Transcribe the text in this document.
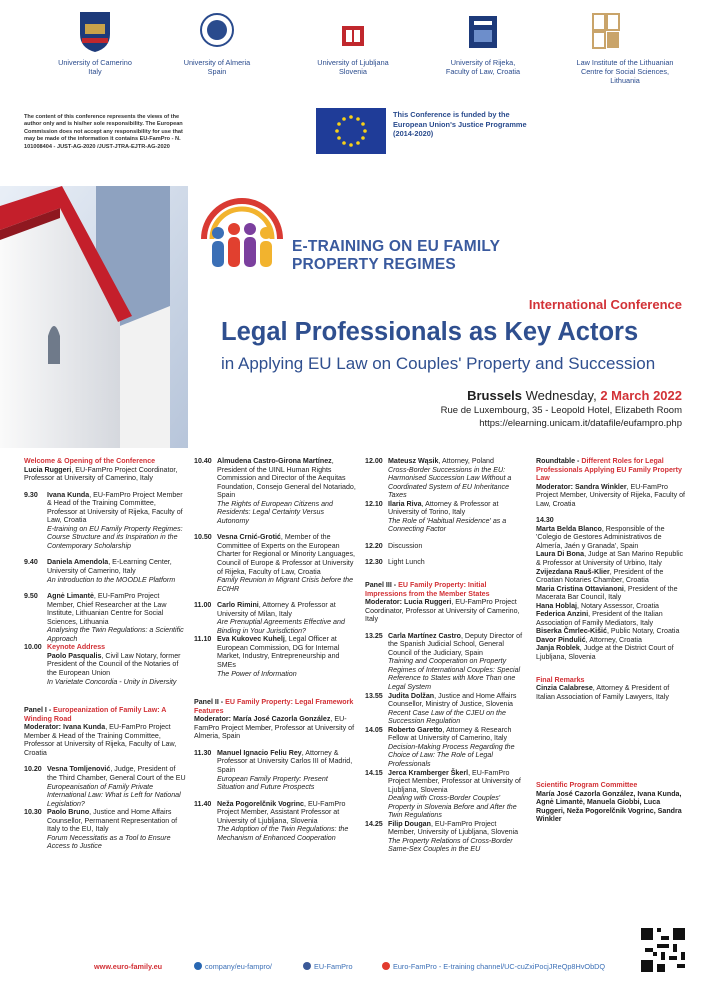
University of Camerino
Italy
University of Almeria
Spain
University of Ljubljana
Slovenia
University of Rijeka,
Faculty of Law, Croatia
Law Institute of the Lithuanian
Centre for Social Sciences,
Lithuania
The content of this conference represents the views of the author only and is his/her sole responsibility. The European Commission does not accept any responsibility for use that may be made of the information it contains EU-FamPro - N. 101008404 - JUST-AG-2020 /JUST-JTRA-EJTR-AG-2020
This Conference is funded by the European Union's Justice Programme (2014-2020)
E-TRAINING ON EU FAMILY
PROPERTY REGIMES
International Conference
Legal Professionals as Key Actors
in Applying EU Law on Couples' Property and Succession
Brussels Wednesday, 2 March 2022
Rue de Luxembourg, 35 - Leopold Hotel, Elizabeth Room
https://elearning.unicam.it/datafile/eufampro.php
Welcome & Opening of the Conference
Lucia Ruggeri, EU-FamPro Project Coordinator, Professor at University of Camerino, Italy
9.30	Ivana Kunda, EU-FamPro Project Member & Head of the Training Committee, Professor at University of Rijeka, Faculty of Law, Croatia
E-training on EU Family Property Regimes: Course Structure and its Inspiration in the Contemporary Scholarship
9.40	Daniela Amendola, E-Learning Center, University of Camerino, Italy
An introduction to the MOODLE Platform
9.50	Agnė Limantė, EU-FamPro Project Member, Chief Researcher at the Law Institute, Lithuanian Centre for Social Sciences, Lithuania
Analysing the Twin Regulations: a Scientific Approach
10.00 Keynote Address
Paolo Pasqualis, Civil Law Notary, former President of the Council of the Notaries of the European Union
In Varietate Concordia - Unity in Diversity
Panel I - Europeanization of Family Law: A Winding Road
Moderator: Ivana Kunda, EU-FamPro Project Member & Head of the Training Committee, Professor at University of Rijeka, Faculty of Law, Croatia
10.20 Vesna Tomljenović, Judge, President of the Third Chamber, General Court of the EU
Europeanisation of Family Private International Law: What is Left for National Legislation?
10.30 Paolo Bruno, Justice and Home Affairs Counsellor, Permanent Representation of Italy to the EU, Italy
Forum Necessitatis as a Tool to Ensure Access to Justice
10.40 Almudena Castro-Girona Martínez, President of the UINL Human Rights Commission and Director of the Aequitas Foundation, Consejo General del Notariado, Spain
The Rights of European Citizens and Residents: Legal Certainty Versus Autonomy
10.50 Vesna Crnić-Grotić, Member of the Committee of Experts on the European Charter for Regional or Minority Languages, Council of Europe & Professor at University of Rijeka, Faculty of Law, Croatia
Family Reunion in Migrant Crisis before the ECtHR
11.00 Carlo Rimini, Attorney & Professor at University of Milan, Italy
Are Prenuptial Agreements Effective and Binding in Your Jurisdiction?
11.10 Eva Kukovec Kuhelj, Legal Officer at European Commission, DG for Internal Market, Industry, Entrepreneurship and SMEs
The Power of Information
Panel II - EU Family Property: Legal Framework Features
Moderator: María José Cazorla González, EU-FamPro Project Member, Professor at University of Almeria, Spain
11.30 Manuel Ignacio Feliu Rey, Attorney & Professor at University Carlos III of Madrid, Spain
European Family Property: Present Situation and Future Prospects
11.40 Neža Pogorelčnik Vogrinc, EU-FamPro Project Member, Assistant Professor at University of Ljubljana, Slovenia
The Adoption of the Twin Regulations: the Mechanism of Enhanced Cooperation
12.00 Mateusz Wąsik, Attorney, Poland
Cross-Border Successions in the EU: Harmonised Succession Law Without a Coordinated System of EU Inheritance Taxes
12.10 Ilaria Riva, Attorney & Professor at University of Torino, Italy
The Role of 'Habitual Residence' as a Connecting Factor
12.20 Discussion
12.30 Light Lunch
Panel III - EU Family Property: Initial Impressions from the Member States
Moderator: Lucia Ruggeri, EU-FamPro Project Coordinator, Professor at University of Camerino, Italy
13.25 Carla Martínez Castro, Deputy Director of the Spanish Judicial School, General Council of the Judiciary, Spain
Training and Cooperation on Property Regimes of International Couples: Special Reference to States with More Than one Legal System
13.55 Judita Dolžan, Justice and Home Affairs Counsellor, Ministry of Justice, Slovenia
Recent Case Law of the CJEU on the Succession Regulation
14.05 Roberto Garetto, Attorney & Research Fellow at University of Camerino, Italy
Decision-Making Process Regarding the Choice of Law: The Role of Legal Professionals
14.15 Jerca Kramberger Škerl, EU-FamPro Project Member, Professor at University of Ljubljana, Slovenia
Dealing with Cross-Border Couples' Property in Slovenia Before and After the Twin Regulations
14.25 Filip Dougan, EU-FamPro Project Member, University of Ljubljana, Slovenia
The Property Relations of Cross-Border Same-Sex Couples in the EU
Roundtable - Different Roles for Legal Professionals Applying EU Family Property Law
Moderator: Sandra Winkler, EU-FamPro Project Member, University of Rijeka, Faculty of Law, Croatia
14.30
Marta Belda Blanco, Responsible of the 'Colegio de Gestores Administrativos de Almería, Jaén y Granada', Spain
Laura Di Bona, Judge at San Marino Republic & Professor at University of Urbino, Italy
Zvijezdana Rauš-Klier, President of the Croatian Notaries Chamber, Croatia
Maria Cristina Ottavianoni, President of the Macerata Bar Council, Italy
Hana Hoblaj, Notary Assessor, Croatia
Federica Anzini, President of the Italian Association of Family Mediators, Italy
Biserka Čmrlec-Kišić, Public Notary, Croatia
Davor Pindulić, Attorney, Croatia
Janja Roblek, Judge at the District Court of Ljubljana, Slovenia
Final Remarks
Cinzia Calabrese, Attorney & President of Italian Association of Family Lawyers, Italy
Scientific Program Committee
María José Cazorla González, Ivana Kunda, Agnė Limantė, Manuela Giobbi, Luca Ruggeri, Neža Pogorelčnik Vogrinc, Sandra Winkler
www.euro-family.eu	company/eu-fampro/	EU-FamPro	Euro-FamPro - E-training channel/UC-cuZxiPocjJReQp8HvObDQ
